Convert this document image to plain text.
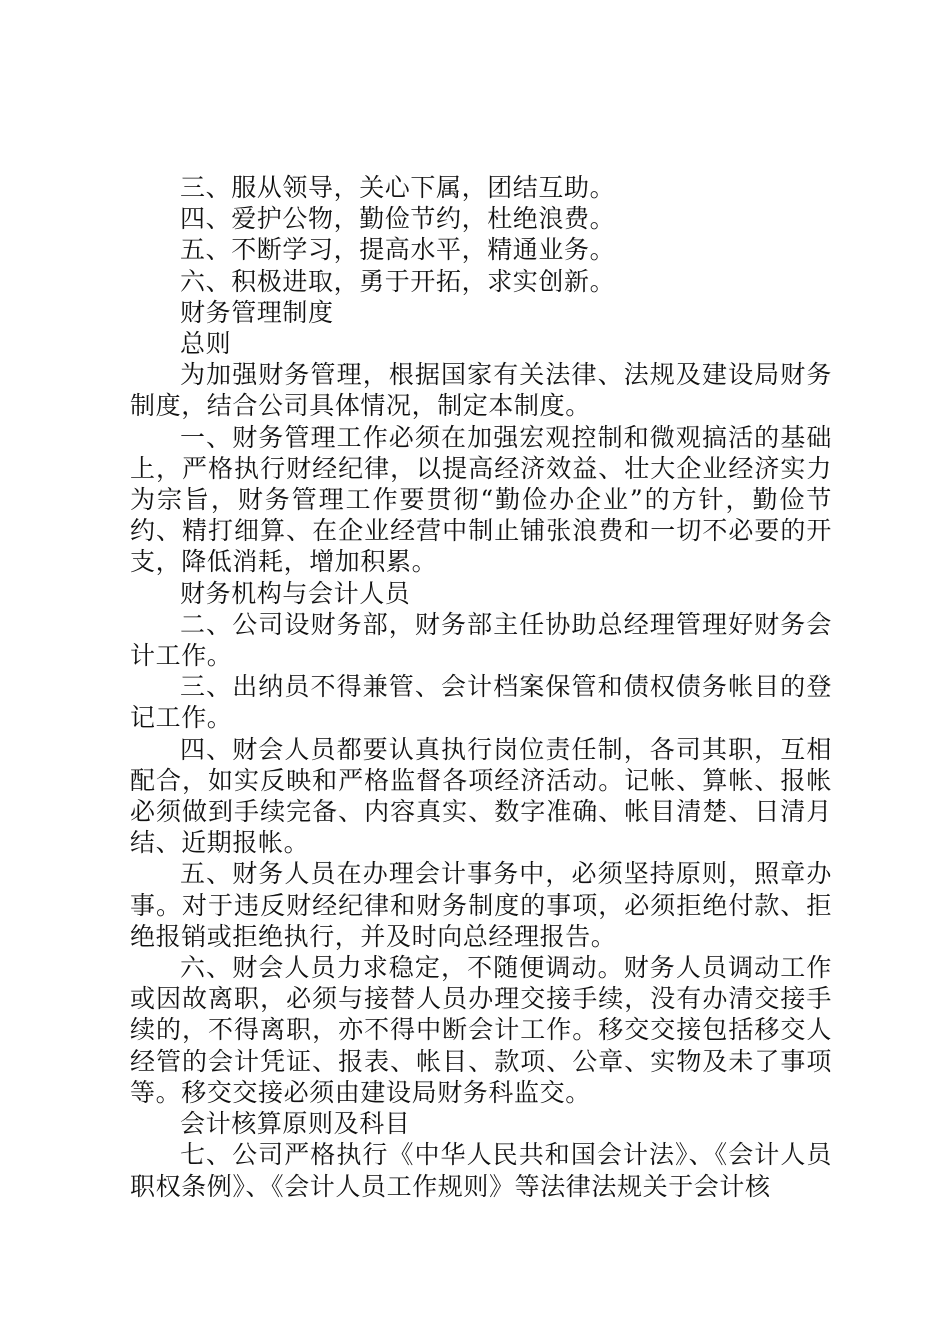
三、服从领导，关心下属，团结互助。

四、爱护公物，勤俭节约，杜绝浪费。

五、不断学习，提高水平，精通业务。

六、积极进取，勇于开拓，求实创新。

财务管理制度

总则

为加强财务管理，根据国家有关法律、法规及建设局财务制度，结合公司具体情况，制定本制度。

一、财务管理工作必须在加强宏观控制和微观搞活的基础上，严格执行财经纪律，以提高经济效益、壮大企业经济实力为宗旨，财务管理工作要贯彻“勤俭办企业”的方针，勤俭节约、精打细算、在企业经营中制止铺张浪费和一切不必要的开支，降低消耗，增加积累。

财务机构与会计人员

二、公司设财务部，财务部主任协助总经理管理好财务会计工作。

三、出纳员不得兼管、会计档案保管和债权债务帐目的登记工作。

四、财会人员都要认真执行岗位责任制，各司其职，互相配合，如实反映和严格监督各项经济活动。记帐、算帐、报帐必须做到手续完备、内容真实、数字准确、帐目清楚、日清月结、近期报帐。

五、财务人员在办理会计事务中，必须坚持原则，照章办事。对于违反财经纪律和财务制度的事项，必须拒绝付款、拒绝报销或拒绝执行，并及时向总经理报告。

六、财会人员力求稳定，不随便调动。财务人员调动工作或因故离职，必须与接替人员办理交接手续，没有办清交接手续的，不得离职，亦不得中断会计工作。移交交接包括移交人经管的会计凭证、报表、帐目、款项、公章、实物及未了事项等。移交交接必须由建设局财务科监交。

会计核算原则及科目

七、公司严格执行《中华人民共和国会计法》、《会计人员职权条例》、《会计人员工作规则》等法律法规关于会计核
